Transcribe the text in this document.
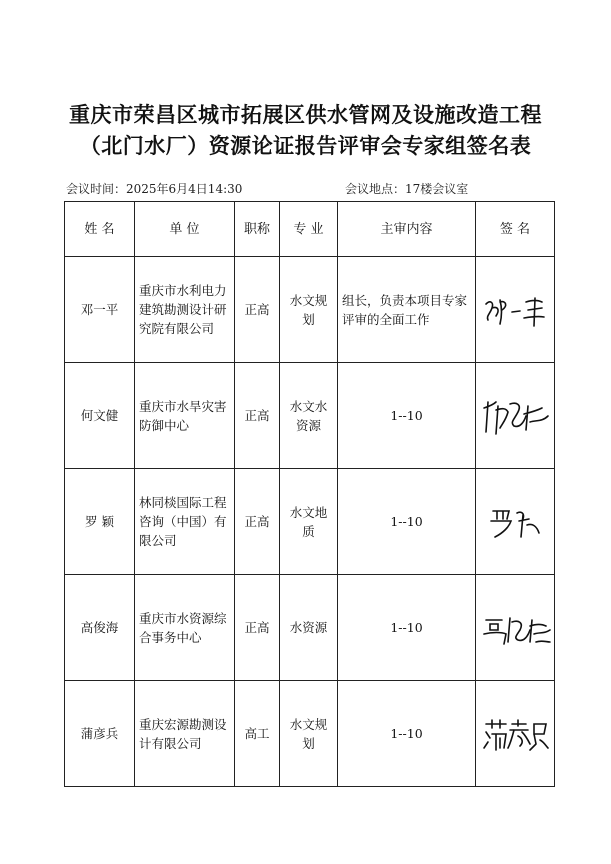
重庆市荣昌区城市拓展区供水管网及设施改造工程
（北门水厂）资源论证报告评审会专家组签名表
会议时间：2025年6月4日14:30	会议地点：17楼会议室
姓 名	单 位	职称	专 业	主审内容	签 名
邓一平	重庆市水利电力建筑勘测设计研究院有限公司	正高	水文规划	组长，负责本项目专家评审的全面工作	

何文健	重庆市水旱灾害防御中心	正高	水文水资源	1--10	

罗 颖	林同棪国际工程咨询（中国）有限公司	正高	水文地质	1--10	

高俊海	重庆市水资源综合事务中心	正高	水资源	1--10	

蒲彦兵	重庆宏源勘测设计有限公司	高工	水文规划	1--10	
